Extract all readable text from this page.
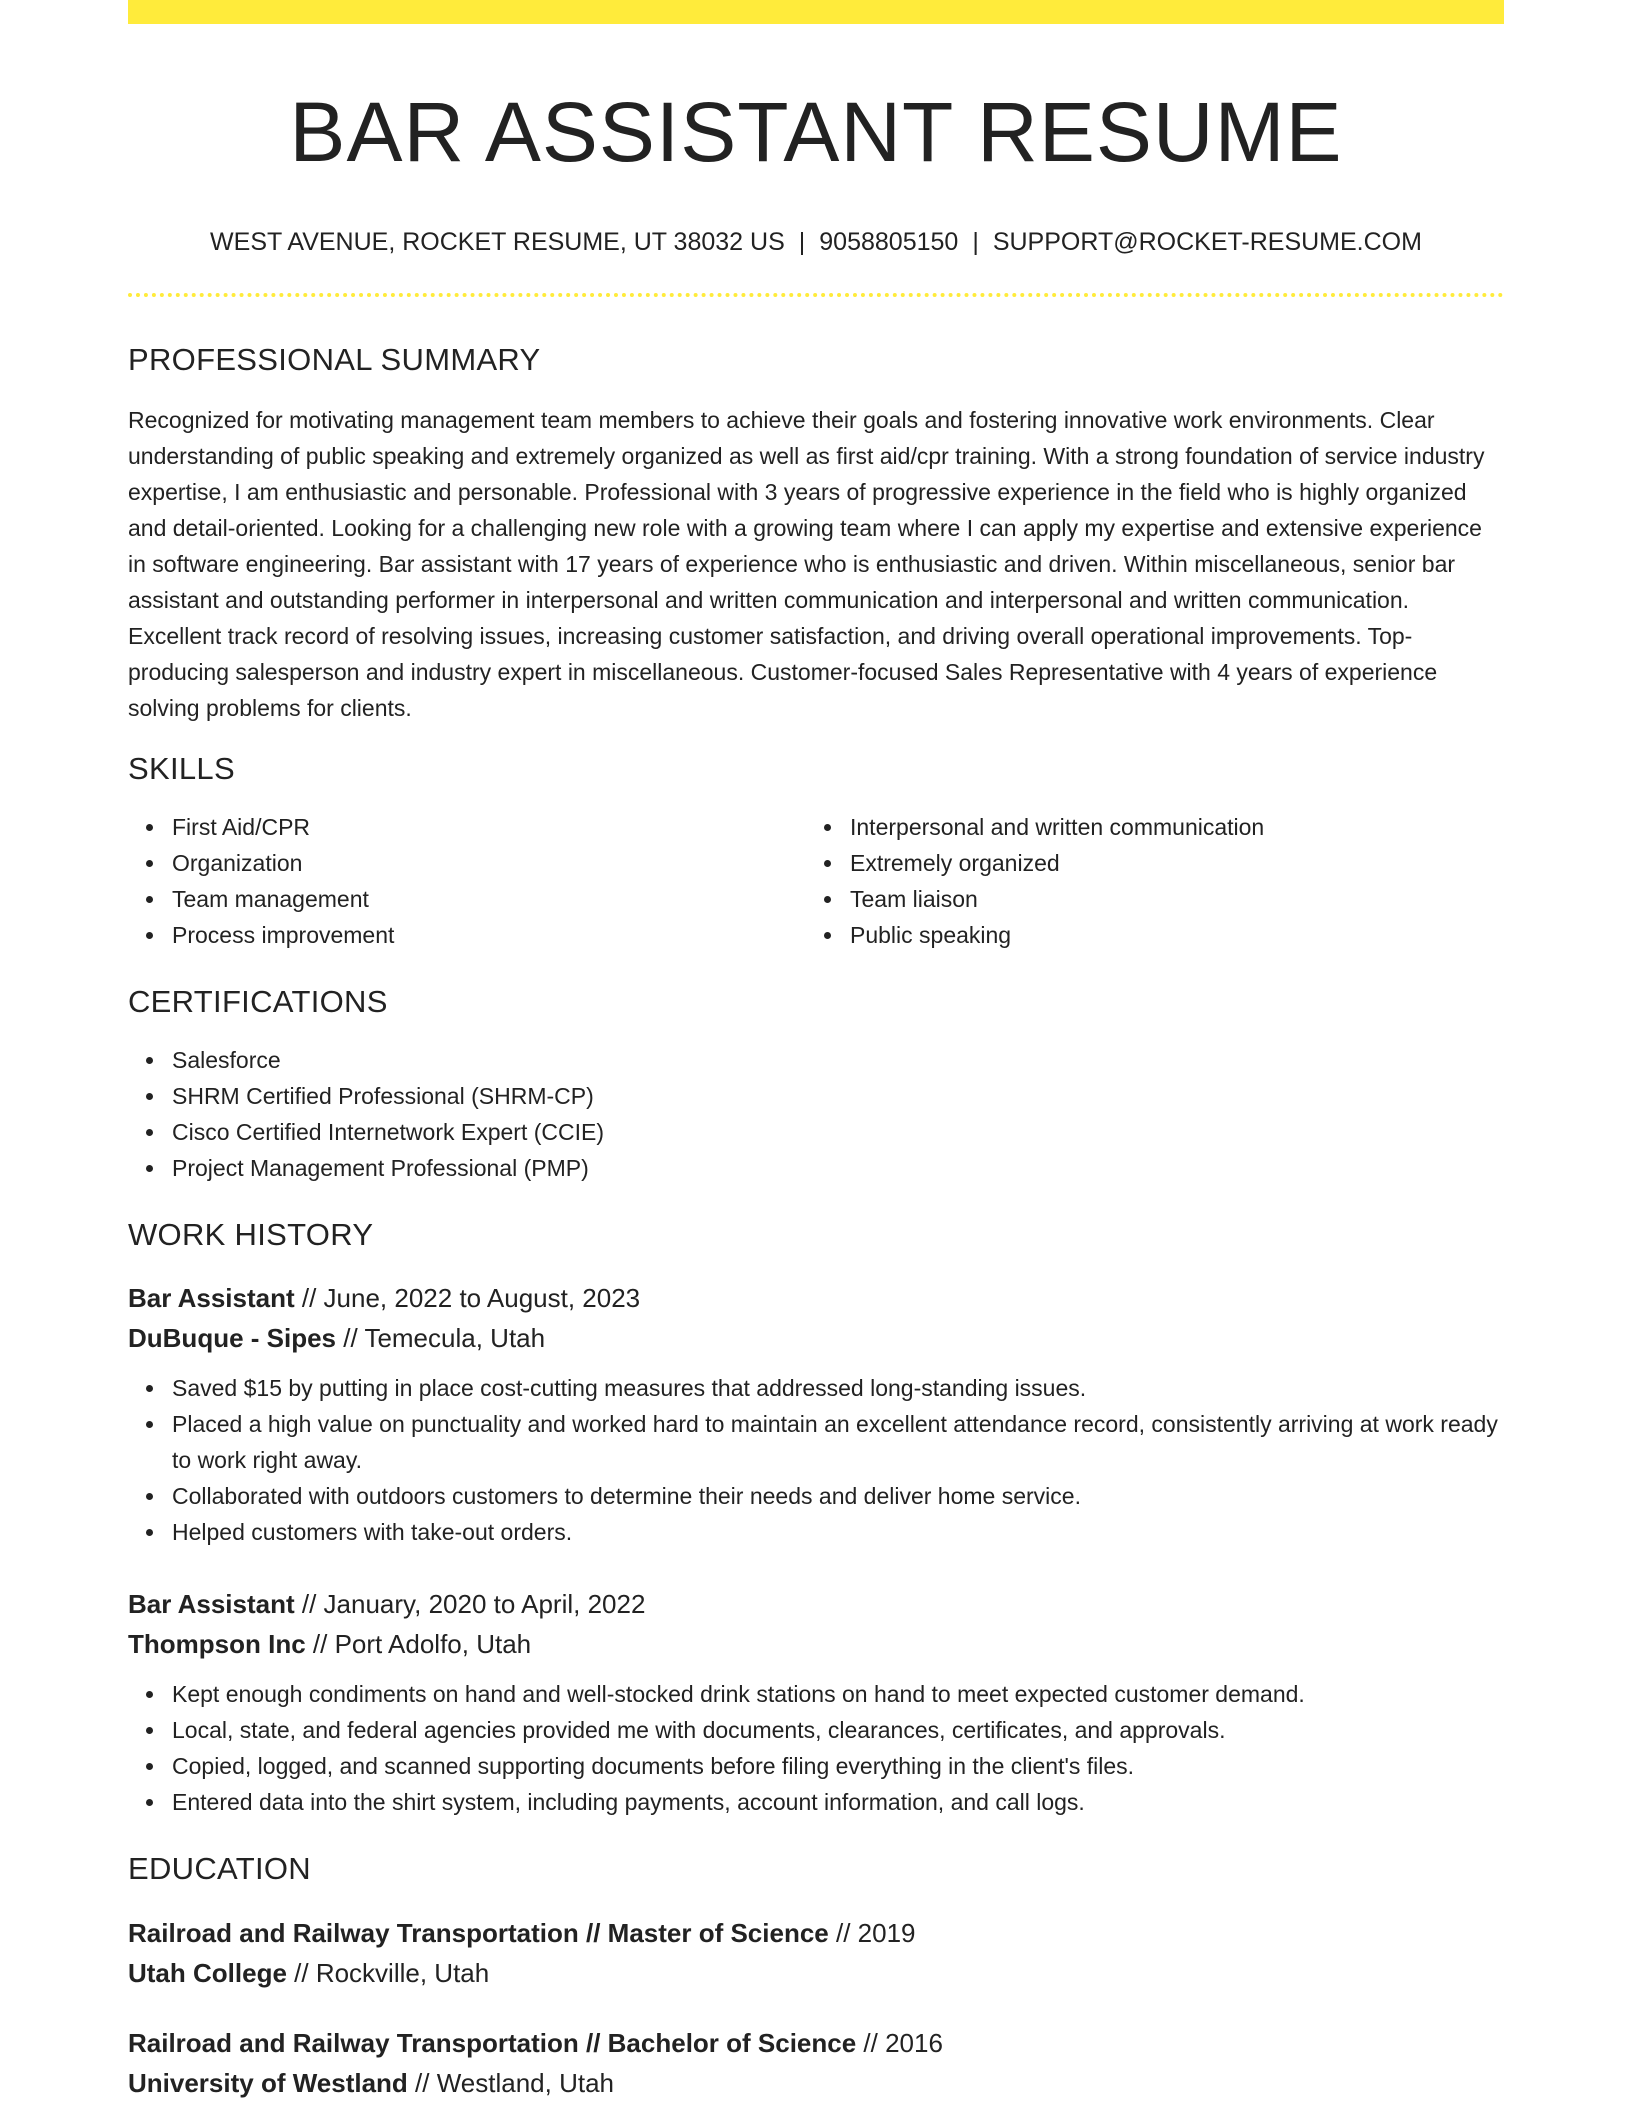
BAR ASSISTANT RESUME
WEST AVENUE, ROCKET RESUME, UT 38032 US | 9058805150 | SUPPORT@ROCKET-RESUME.COM
PROFESSIONAL SUMMARY

Recognized for motivating management team members to achieve their goals and fostering innovative work environments. Clear understanding of public speaking and extremely organized as well as first aid/cpr training. With a strong foundation of service industry expertise, I am enthusiastic and personable. Professional with 3 years of progressive experience in the field who is highly organized and detail-oriented. Looking for a challenging new role with a growing team where I can apply my expertise and extensive experience in software engineering. Bar assistant with 17 years of experience who is enthusiastic and driven. Within miscellaneous, senior bar assistant and outstanding performer in interpersonal and written communication and interpersonal and written communication. Excellent track record of resolving issues, increasing customer satisfaction, and driving overall operational improvements. Top-producing salesperson and industry expert in miscellaneous. Customer-focused Sales Representative with 4 years of experience solving problems for clients.

SKILLS
First Aid/CPR
Organization
Team management
Process improvement
Interpersonal and written communication
Extremely organized
Team liaison
Public speaking
CERTIFICATIONS
Salesforce
SHRM Certified Professional (SHRM-CP)
Cisco Certified Internetwork Expert (CCIE)
Project Management Professional (PMP)
WORK HISTORY
Bar Assistant // June, 2022 to August, 2023
DuBuque - Sipes // Temecula, Utah
Saved $15 by putting in place cost-cutting measures that addressed long-standing issues.
Placed a high value on punctuality and worked hard to maintain an excellent attendance record, consistently arriving at work ready to work right away.
Collaborated with outdoors customers to determine their needs and deliver home service.
Helped customers with take-out orders.
Bar Assistant // January, 2020 to April, 2022
Thompson Inc // Port Adolfo, Utah
Kept enough condiments on hand and well-stocked drink stations on hand to meet expected customer demand.
Local, state, and federal agencies provided me with documents, clearances, certificates, and approvals.
Copied, logged, and scanned supporting documents before filing everything in the client's files.
Entered data into the shirt system, including payments, account information, and call logs.
EDUCATION
Railroad and Railway Transportation // Master of Science // 2019
Utah College // Rockville, Utah
Railroad and Railway Transportation // Bachelor of Science // 2016
University of Westland // Westland, Utah
